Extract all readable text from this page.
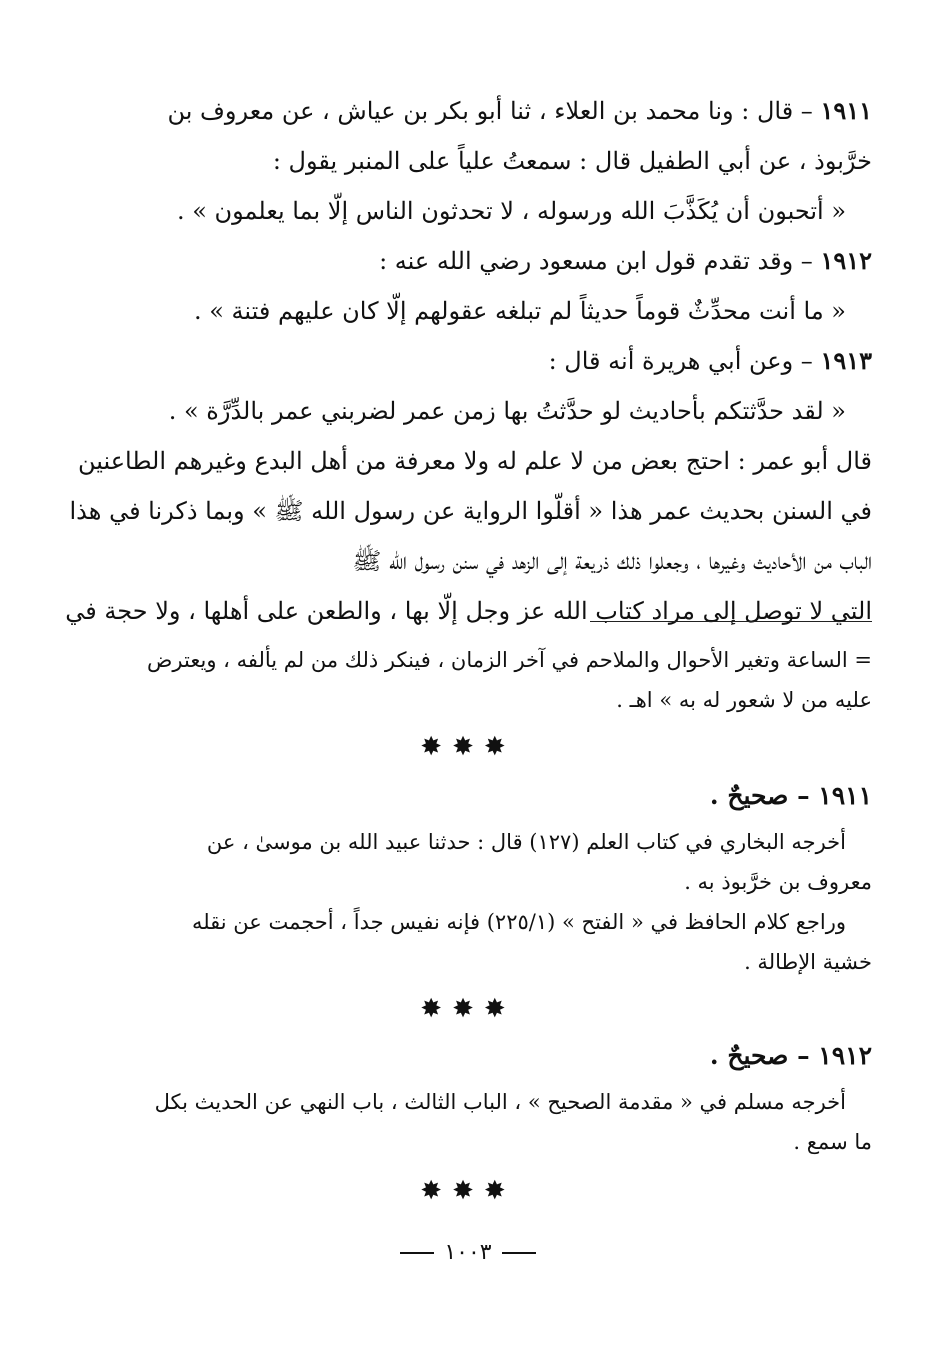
١٩١١ – قال : ونا محمد بن العلاء ، ثنا أبو بكر بن عياش ، عن معروف بن
خرَّبوذ ، عن أبي الطفيل قال : سمعتُ علياً على المنبر يقول :
« أتحبون أن يُكَذَّبَ الله ورسوله ، لا تحدثون الناس إلّا بما يعلمون » .
١٩١٢ – وقد تقدم قول ابن مسعود رضي الله عنه :
« ما أنت محدِّثٌ قوماً حديثاً لم تبلغه عقولهم إلّا كان عليهم فتنة » .
١٩١٣ – وعن أبي هريرة أنه قال :
« لقد حدَّثتكم بأحاديث لو حدَّثتُ بها زمن عمر لضربني عمر بالدِّرَّة » .
قال أبو عمر : احتج بعض من لا علم له ولا معرفة من أهل البدع وغيرهم الطاعنين
في السنن بحديث عمر هذا « أقلّوا الرواية عن رسول الله ﷺ » وبما ذكرنا في هذا
الباب من الأحاديث وغيرها ، وجعلوا ذلك ذريعة إلى الزهد في سنن رسول الله ﷺ
التي لا توصل إلى مراد كتاب الله عز وجل إلّا بها ، والطعن على أهلها ، ولا حجة في
= الساعة وتغير الأحوال والملاحم في آخر الزمان ، فينكر ذلك من لم يألفه ، ويعترض
عليه من لا شعور له به » اهـ .
✸✸✸
١٩١١ – صحيحٌ .
أخرجه البخاري في كتاب العلم (١٢٧) قال : حدثنا عبيد الله بن موسىٰ ، عن
معروف بن خرَّبوذ به .
وراجع كلام الحافظ في « الفتح » (٢٢٥/١) فإنه نفيس جداً ، أحجمت عن نقله
خشية الإطالة .
✸✸✸
١٩١٢ – صحيحٌ .
أخرجه مسلم في « مقدمة الصحيح » ، الباب الثالث ، باب النهي عن الحديث بكل
ما سمع .
✸✸✸
١٠٠٣
